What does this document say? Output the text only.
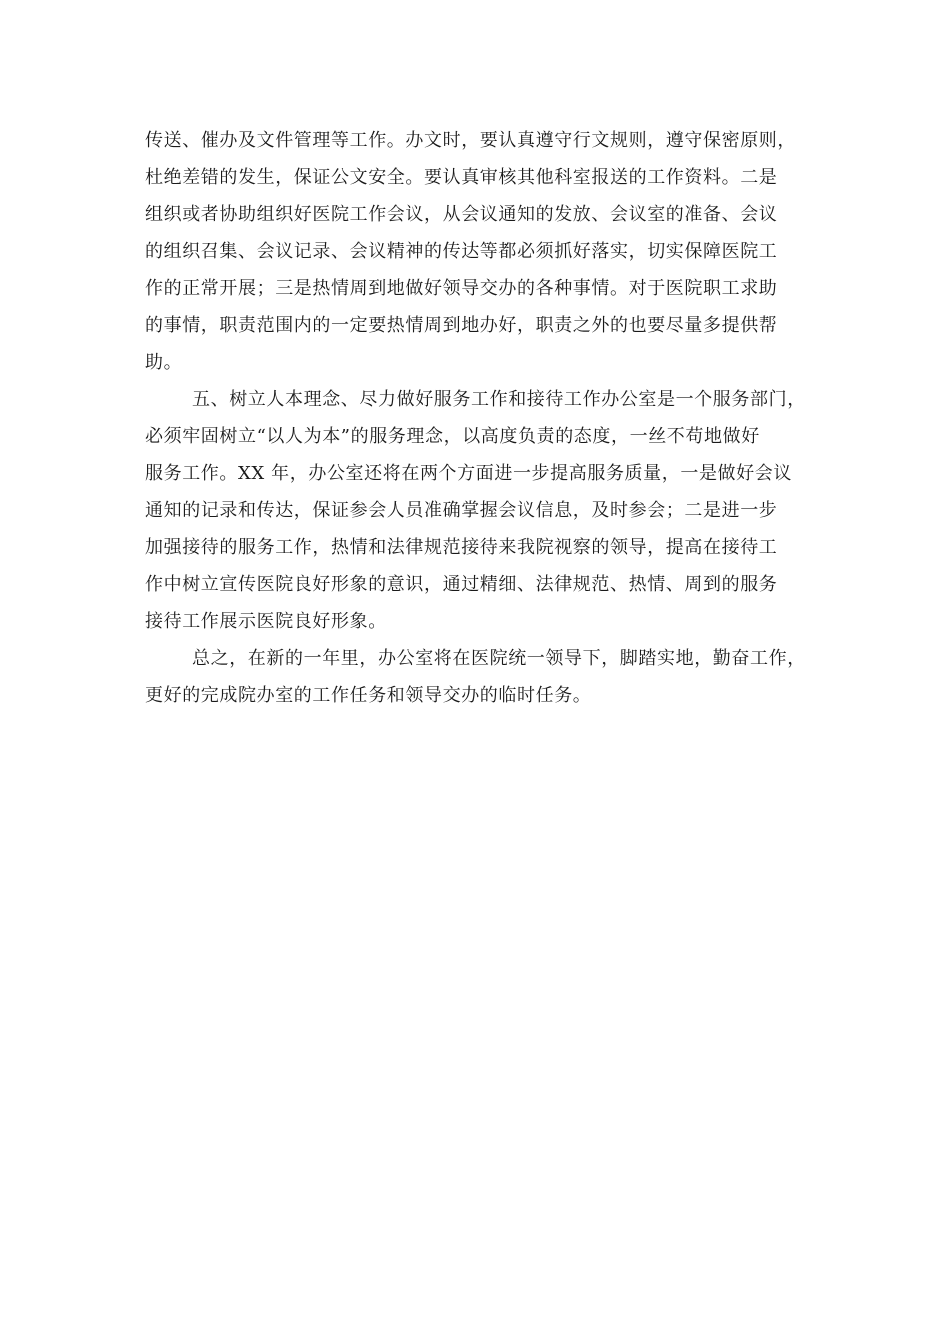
传送、催办及文件管理等工作。办文时，要认真遵守行文规则，遵守保密原则，
杜绝差错的发生，保证公文安全。要认真审核其他科室报送的工作资料。二是
组织或者协助组织好医院工作会议，从会议通知的发放、会议室的准备、会议
的组织召集、会议记录、会议精神的传达等都必须抓好落实，切实保障医院工
作的正常开展；三是热情周到地做好领导交办的各种事情。对于医院职工求助
的事情，职责范围内的一定要热情周到地办好，职责之外的也要尽量多提供帮
助。
五、树立人本理念、尽力做好服务工作和接待工作办公室是一个服务部门，
必须牢固树立“以人为本”的服务理念，以高度负责的态度，一丝不苟地做好
服务工作。XX 年，办公室还将在两个方面进一步提高服务质量，一是做好会议
通知的记录和传达，保证参会人员准确掌握会议信息，及时参会；二是进一步
加强接待的服务工作，热情和法律规范接待来我院视察的领导，提高在接待工
作中树立宣传医院良好形象的意识，通过精细、法律规范、热情、周到的服务
接待工作展示医院良好形象。
总之，在新的一年里，办公室将在医院统一领导下，脚踏实地，勤奋工作，
更好的完成院办室的工作任务和领导交办的临时任务。
